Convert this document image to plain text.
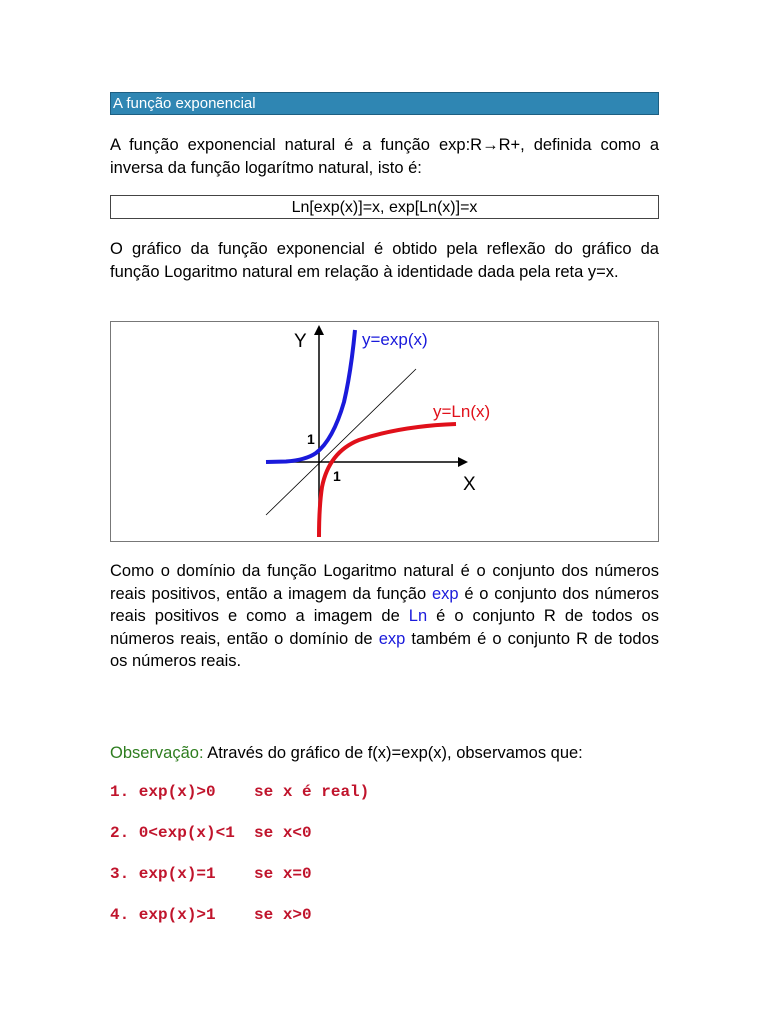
A função exponencial

A função exponencial natural é a função exp:R→R+, definida como a inversa da função logarítmo natural, isto é:

Ln[exp(x)]=x, exp[Ln(x)]=x

O gráfico da função exponencial é obtido pela reflexão do gráfico da função Logaritmo natural em relação à identidade dada pela reta y=x.

Y
X
y=exp(x)
y=Ln(x)
1
1

Como o domínio da função Logaritmo natural é o conjunto dos números reais positivos, então a imagem da função exp é o conjunto dos números reais positivos e como a imagem de Ln é o conjunto R de todos os números reais, então o domínio de exp também é o conjunto R de todos os números reais.

Observação: Através do gráfico de f(x)=exp(x), observamos que:
1. exp(x)>0    se x é real)
2. 0<exp(x)<1  se x<0
3. exp(x)=1    se x=0
4. exp(x)>1    se x>0
